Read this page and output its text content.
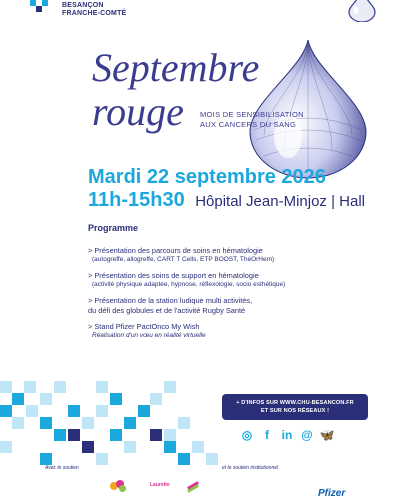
BESANÇON
FRANCHE-COMTÉ
Septembre
rouge MOIS DE SENSIBILISATION
AUX CANCERS DU SANG
Mardi 22 septembre 2026
11h-15h30 Hôpital Jean-Minjoz | Hall
Programme
> Présentation des parcours de soins en hématologie
(autogreffe, allogreffe, CART T Cells, ETP BOOST, ThéOrHem)
> Présentation des soins de support en hématologie
(activité physique adaptée, hypnose, réflexologie, socio esthétique)
> Présentation de la station ludique multi activités,
du défi des globules et de l'activité Rugby Santé
> Stand Pfizer PactOnco My Wish
Réalisation d'un vœu en réalité virtuelle
+ D'INFOS SUR WWW.CHU-BESANCON.FR
ET SUR NOS RÉSEAUX !
◎	f	in @ 🦋
Avec le soutien
Laurette
et le soutien institutionnel
Pfizer
